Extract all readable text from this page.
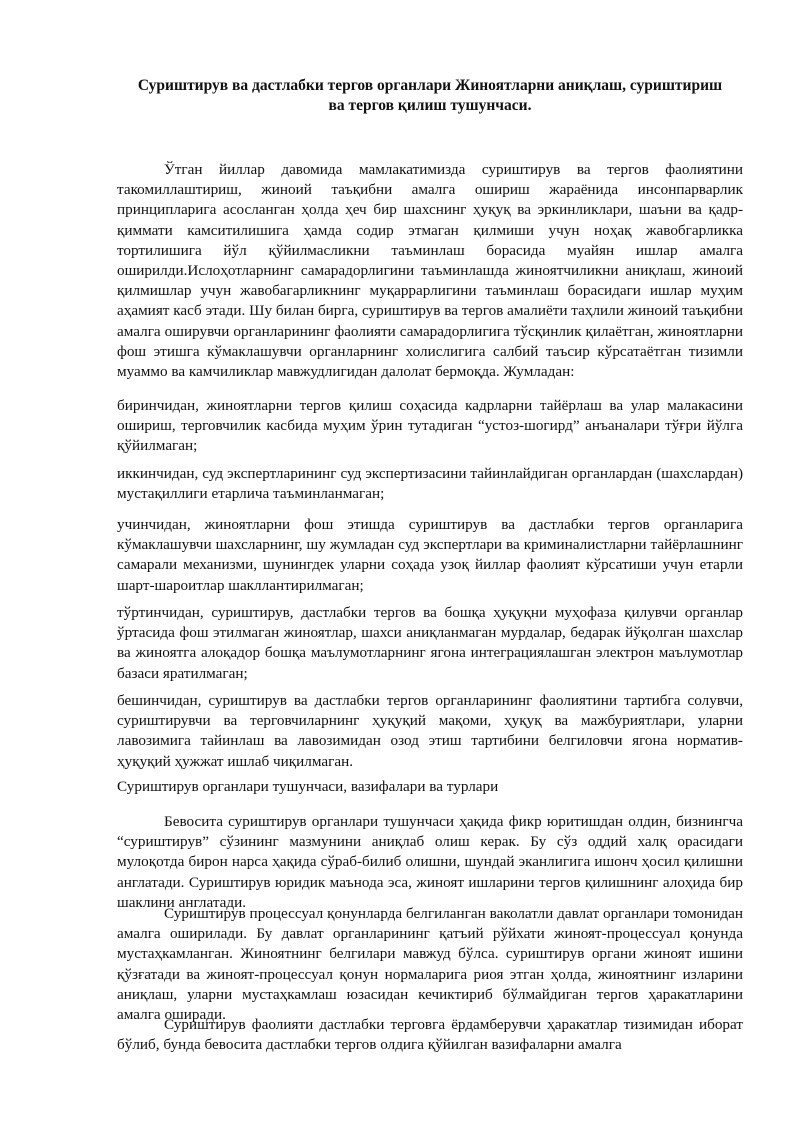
Суриштирув ва дастлабки тергов органлари Жиноятларни аниқлаш, суриштириш
ва тергов қилиш тушунчаси.

Ўтган йиллар давомида мамлакатимизда суриштирув ва тергов фаолиятини такомиллаштириш, жиноий таъқибни амалга ошириш жараёнида инсонпарварлик принципларига асосланган ҳолда ҳеч бир шахснинг ҳуқуқ ва эркинликлари, шаъни ва қадр-қиммати камситилишига ҳамда содир этмаган қилмиши учун ноҳақ жавобгарликка тортилишига йўл қўйилмасликни таъминлаш борасида муайян ишлар амалга оширилди.Ислоҳотларнинг самарадорлигини таъминлашда жиноятчиликни аниқлаш, жиноий қилмишлар учун жавобагарликнинг муқаррарлигини таъминлаш борасидаги ишлар муҳим аҳамият касб этади. Шу билан бирга, суриштирув ва тергов амалиёти таҳлили жиноий таъқибни амалга оширувчи органларининг фаолияти самарадорлигига тўсқинлик қилаётган, жиноятларни фош этишга кўмаклашувчи органларнинг холислигига салбий таъсир кўрсатаётган тизимли муаммо ва камчиликлар мавжудлигидан далолат бермоқда. Жумладан:

биринчидан, жиноятларни тергов қилиш соҳасида кадрларни тайёрлаш ва улар малакасини ошириш, терговчилик касбида муҳим ўрин тутадиган “устоз-шогирд” анъаналари тўғри йўлга қўйилмаган;

иккинчидан, суд экспертларининг суд экспертизасини тайинлайдиган органлардан (шахслардан) мустақиллиги етарлича таъминланмаган;

учинчидан, жиноятларни фош этишда суриштирув ва дастлабки тергов органларига кўмаклашувчи шахсларнинг, шу жумладан суд экспертлари ва криминалистларни тайёрлашнинг самарали механизми, шунингдек уларни соҳада узоқ йиллар фаолият кўрсатиши учун етарли шарт-шароитлар шакллантирилмаган;

тўртинчидан, суриштирув, дастлабки тергов ва бошқа ҳуқуқни муҳофаза қилувчи органлар ўртасида фош этилмаган жиноятлар, шахси аниқланмаган мурдалар, бедарак йўқолган шахслар ва жиноятга алоқадор бошқа маълумотларнинг ягона интеграциялашган электрон маълумотлар базаси яратилмаган;

бешинчидан, суриштирув ва дастлабки тергов органларининг фаолиятини тартибга солувчи, суриштирувчи ва терговчиларнинг ҳуқуқий мақоми, ҳуқуқ ва мажбуриятлари, уларни лавозимига тайинлаш ва лавозимидан озод этиш тартибини белгиловчи ягона норматив-ҳуқуқий ҳужжат ишлаб чиқилмаган.

Суриштирув органлари тушунчаси, вазифалари ва турлари

Бевосита суриштирув органлари тушунчаси ҳақида фикр юритишдан олдин, бизнингча “суриштирув” сўзининг мазмунини аниқлаб олиш керак. Бу сўз оддий халқ орасидаги мулоқотда бирон нарса ҳақида сўраб-билиб олишни, шундай эканлигига ишонч ҳосил қилишни англатади. Суриштирув юридик маънода эса, жиноят ишларини тергов қилишнинг алоҳида бир шаклини англатади.

Суриштирув процессуал қонунларда белгиланган ваколатли давлат органлари томонидан амалга оширилади. Бу давлат органларининг қатъий рўйхати жиноят-процессуал қонунда мустаҳкамланган. Жиноятнинг белгилари мавжуд бўлса. суриштирув органи жиноят ишини қўзғатади ва жиноят-процессуал қонун нормаларига риоя этган ҳолда, жиноятнинг изларини аниқлаш, уларни мустаҳкамлаш юзасидан кечиктириб бўлмайдиган тергов ҳаракатларини амалга оширади.

Суриштирув фаолияти дастлабки терговга ёрдамберувчи ҳаракатлар тизимидан иборат бўлиб, бунда бевосита дастлабки тергов олдига қўйилган вазифаларни амалга
